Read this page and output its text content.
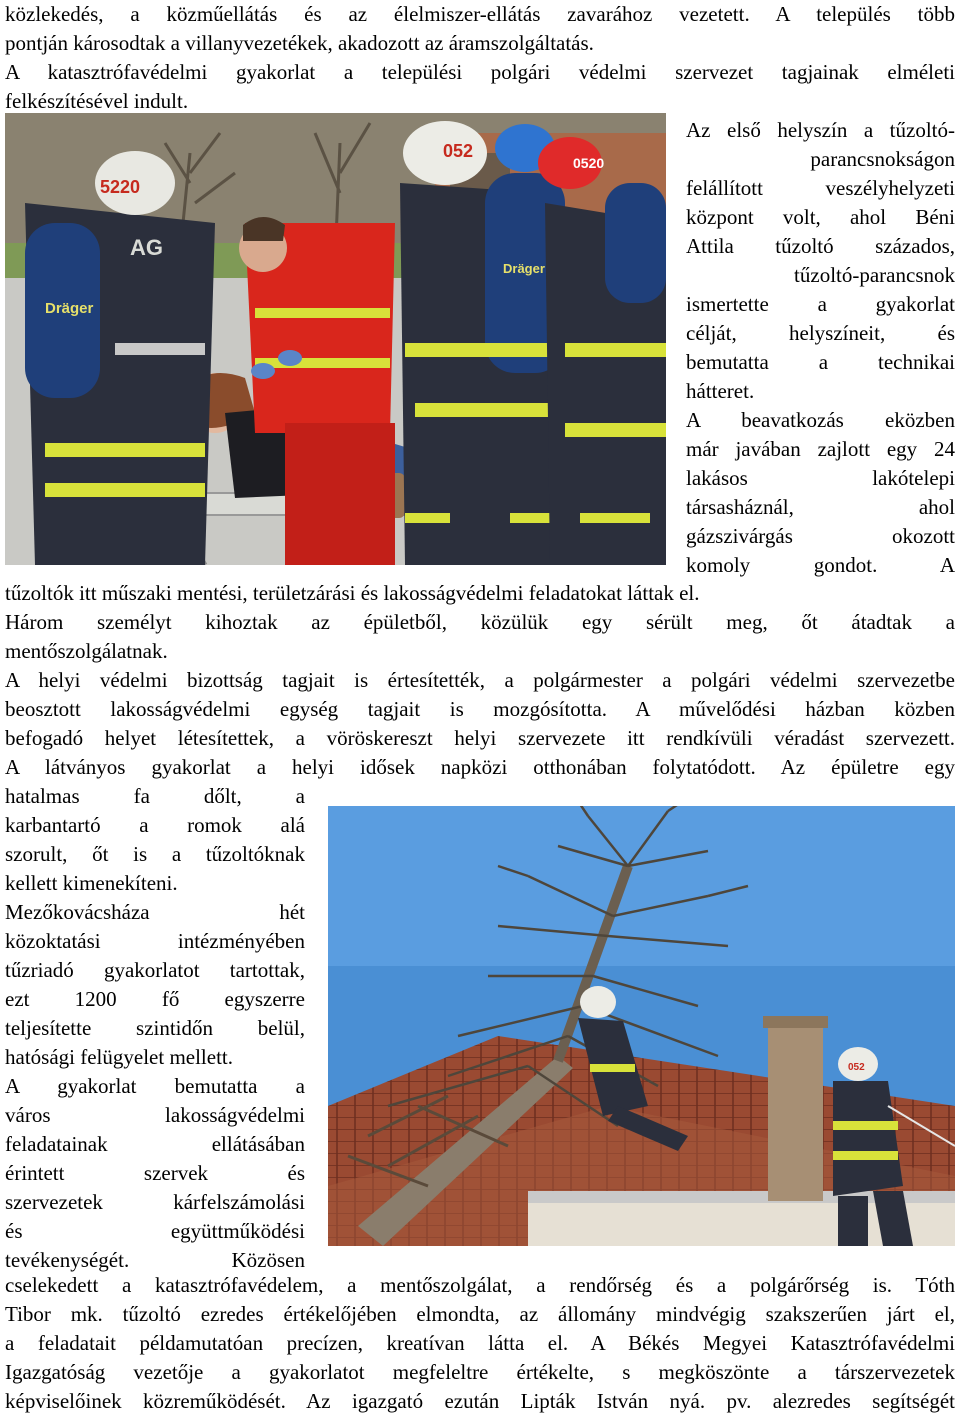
közlekedés, a közműellátás és az élelmiszer-ellátás zavarához vezetett. A település több
pontján károsodtak a villanyvezetékek, akadozott az áramszolgáltatás.
A katasztrófavédelmi gyakorlat a települési polgári védelmi szervezet tagjainak elméleti
felkészítésével indult.
Dräger
AG
5220
Dräger
052
0520
Az első helyszín a tűzoltó-
parancsnokságon
felállított veszélyhelyzeti
központ volt, ahol Béni
Attila tűzoltó százados,
tűzoltó-parancsnok
ismertette a gyakorlat
célját, helyszíneit, és
bemutatta a technikai
hátteret.
A beavatkozás eközben
már javában zajlott egy 24
lakásos lakótelepi
társasháznál, ahol
gázszivárgás okozott
komoly gondot. A
tűzoltók itt műszaki mentési, területzárási és lakosságvédelmi feladatokat láttak el.
Három személyt kihoztak az épületből, közülük egy sérült meg, őt átadtak a
mentőszolgálatnak.
A helyi védelmi bizottság tagjait is értesítették, a polgármester a polgári védelmi szervezetbe
beosztott lakosságvédelmi egység tagjait is mozgósította. A művelődési házban közben
befogadó helyet létesítettek, a vöröskereszt helyi szervezete itt rendkívüli véradást szervezett.
A látványos gyakorlat a helyi idősek napközi otthonában folytatódott. Az épületre egy
hatalmas fa dőlt, a
karbantartó a romok alá
szorult, őt is a tűzoltóknak
kellett kimenekíteni.
Mezőkovácsháza hét
közoktatási intézményében
tűzriadó gyakorlatot tartottak,
ezt 1200 fő egyszerre
teljesítette szintidőn belül,
hatósági felügyelet mellett.
A gyakorlat bemutatta a
város lakosságvédelmi
feladatainak ellátásában
érintett szervek és
szervezetek kárfelszámolási
és együttműködési
tevékenységét. Közösen
052
cselekedett a katasztrófavédelem, a mentőszolgálat, a rendőrség és a polgárőrség is. Tóth
Tibor mk. tűzoltó ezredes értékelőjében elmondta, az állomány mindvégig szakszerűen járt el,
a feladatait példamutatóan precízen, kreatívan látta el. A Békés Megyei Katasztrófavédelmi
Igazgatóság vezetője a gyakorlatot megfeleltre értékelte, s megköszönte a társzervezetek
képviselőinek közreműködését. Az igazgató ezután Lipták István nyá. pv. alezredes segítségét
